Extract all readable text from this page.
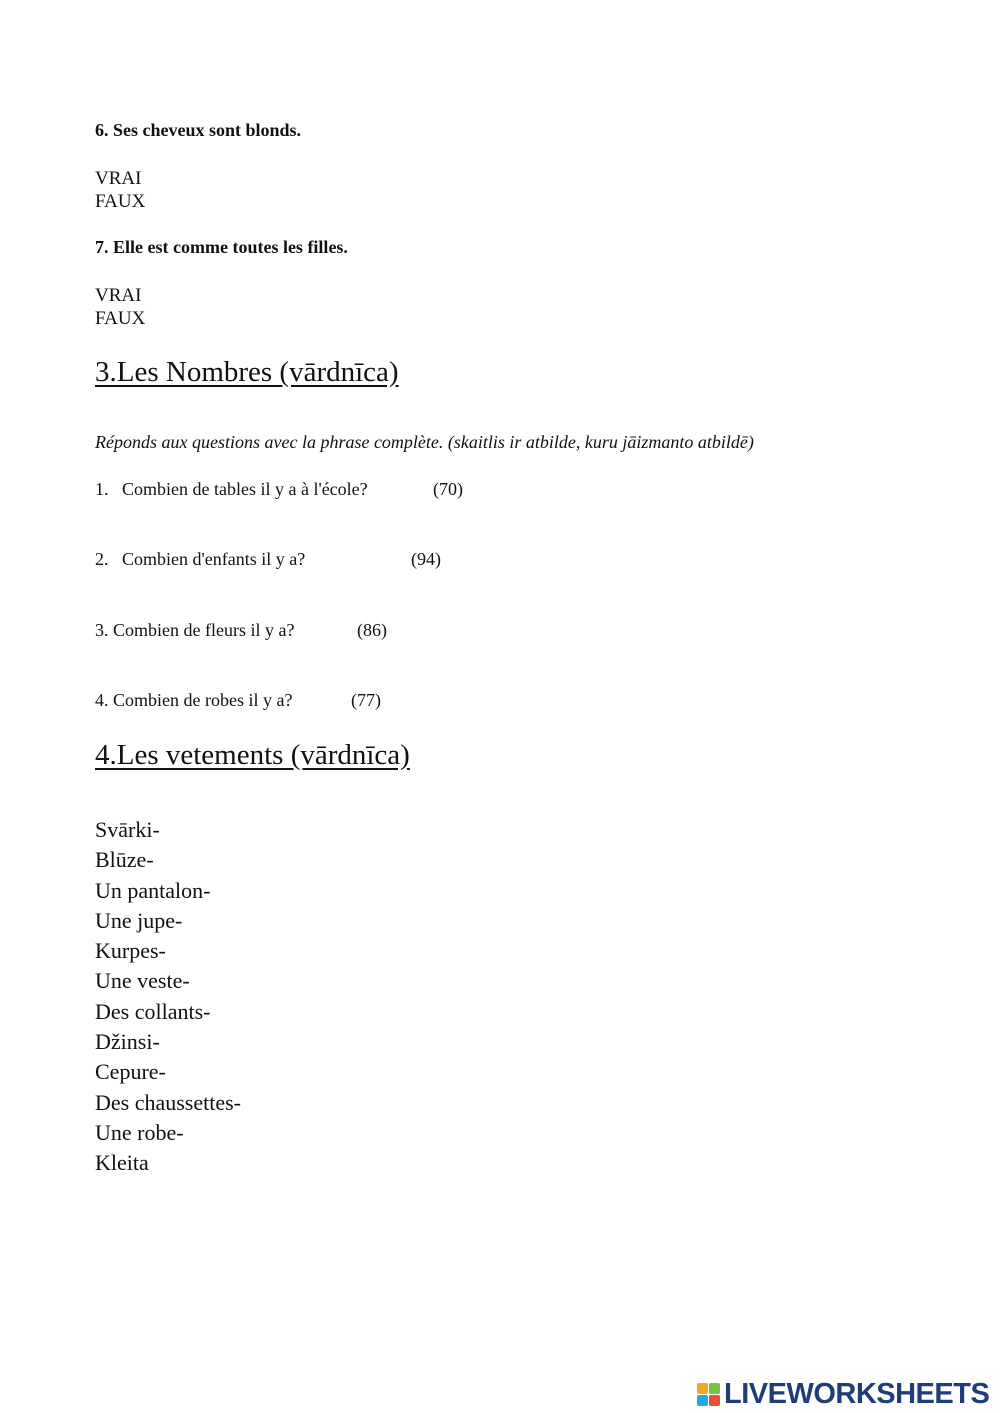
6. Ses cheveux sont blonds.
VRAI
FAUX
7. Elle est comme toutes les filles.
VRAI
FAUX
3.Les Nombres (vārdnīca)
Réponds aux questions avec la phrase complète. (skaitlis ir atbilde, kuru jāizmanto atbildē)
1.   Combien de tables il y a à l'école?	(70)
2.   Combien d'enfants il y a?	(94)
3. Combien de fleurs il y a?	(86)
4. Combien de robes il y a?	(77)
4.Les vetements (vārdnīca)
Svārki-
Blūze-
Un pantalon-
Une jupe-
Kurpes-
Une veste-
Des collants-
Džinsi-
Cepure-
Des chaussettes-
Une robe-
Kleita
LIVEWORKSHEETS
